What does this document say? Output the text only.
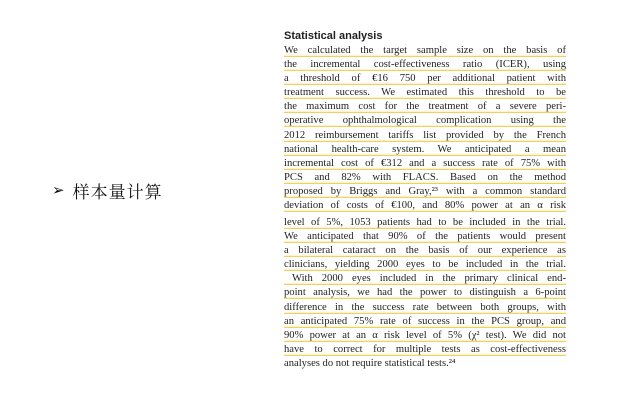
➢ 样本量计算
Statistical analysis
We calculated the target sample size on the basis of
the incremental cost-effectiveness ratio (ICER), using
a threshold of €16 750 per additional patient with
treatment success. We estimated this threshold to be
the maximum cost for the treatment of a severe peri-
operative ophthalmological complication using the
2012 reimbursement tariffs list provided by the French
national health-care system. We anticipated a mean
incremental cost of €312 and a success rate of 75% with
PCS and 82% with FLACS. Based on the method
proposed by Briggs and Gray,²³ with a common standard
deviation of costs of €100, and 80% power at an α risk
level of 5%, 1053 patients had to be included in the trial.
We anticipated that 90% of the patients would present
a bilateral cataract on the basis of our experience as
clinicians, yielding 2000 eyes to be included in the trial.
With 2000 eyes included in the primary clinical end-
point analysis, we had the power to distinguish a 6-point
difference in the success rate between both groups, with
an anticipated 75% rate of success in the PCS group, and
90% power at an α risk level of 5% (χ² test). We did not
have to correct for multiple tests as cost-effectiveness
analyses do not require statistical tests.²⁴
